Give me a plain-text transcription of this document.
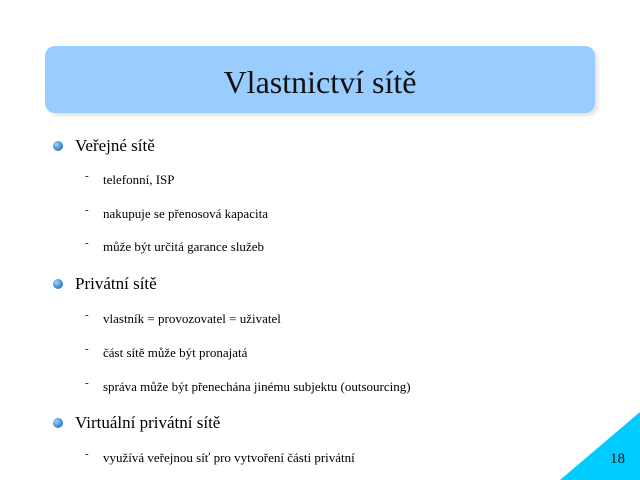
Vlastnictví sítě
Veřejné sítě
- telefonní, ISP
- nakupuje se přenosová kapacita
- může být určitá garance služeb
Privátní sítě
- vlastník = provozovatel = uživatel
- část sítě může být pronajatá
- správa může být přenechána jinému subjektu (outsourcing)
Virtuální privátní sítě
- využívá veřejnou síť pro vytvoření části privátní	18
